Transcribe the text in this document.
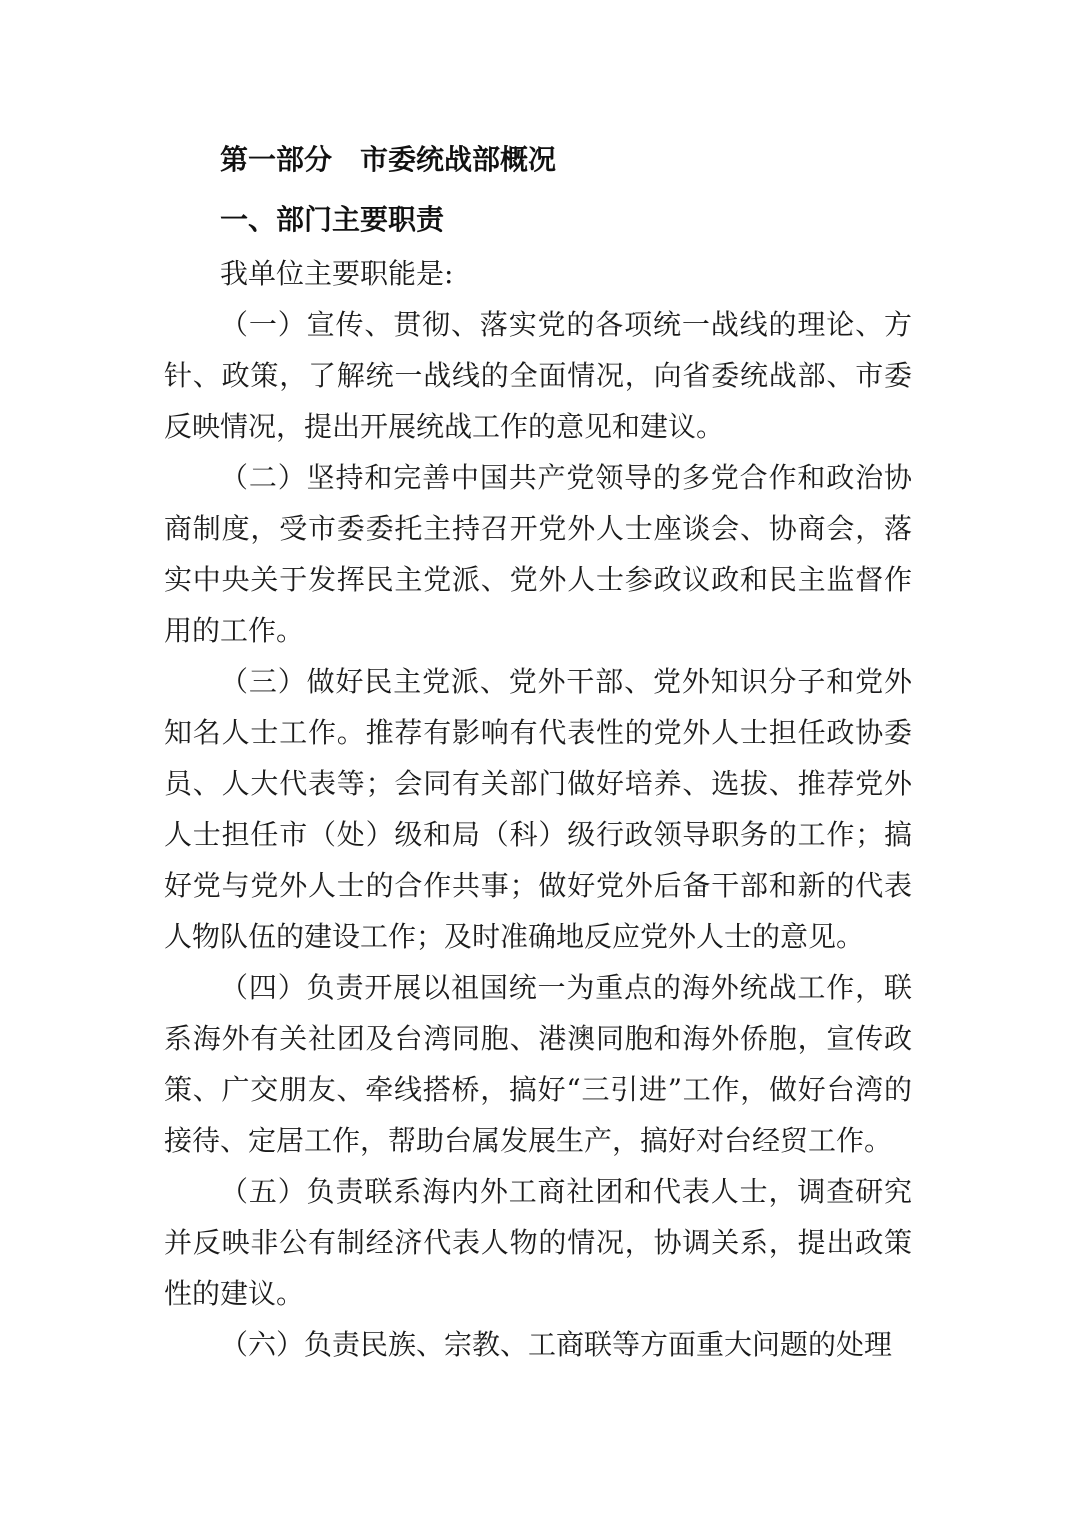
第一部分　市委统战部概况
一、部门主要职责

我单位主要职能是:

（一）宣传、贯彻、落实党的各项统一战线的理论、方针、政策，了解统一战线的全面情况，向省委统战部、市委反映情况，提出开展统战工作的意见和建议。

（二）坚持和完善中国共产党领导的多党合作和政治协商制度，受市委委托主持召开党外人士座谈会、协商会，落实中央关于发挥民主党派、党外人士参政议政和民主监督作用的工作。

（三）做好民主党派、党外干部、党外知识分子和党外知名人士工作。推荐有影响有代表性的党外人士担任政协委员、人大代表等；会同有关部门做好培养、选拔、推荐党外人士担任市（处）级和局（科）级行政领导职务的工作；搞好党与党外人士的合作共事；做好党外后备干部和新的代表人物队伍的建设工作；及时准确地反应党外人士的意见。

（四）负责开展以祖国统一为重点的海外统战工作，联系海外有关社团及台湾同胞、港澳同胞和海外侨胞，宣传政策、广交朋友、牵线搭桥，搞好“三引进”工作，做好台湾的接待、定居工作，帮助台属发展生产，搞好对台经贸工作。

（五）负责联系海内外工商社团和代表人士，调查研究并反映非公有制经济代表人物的情况，协调关系，提出政策性的建议。

（六）负责民族、宗教、工商联等方面重大问题的处理
